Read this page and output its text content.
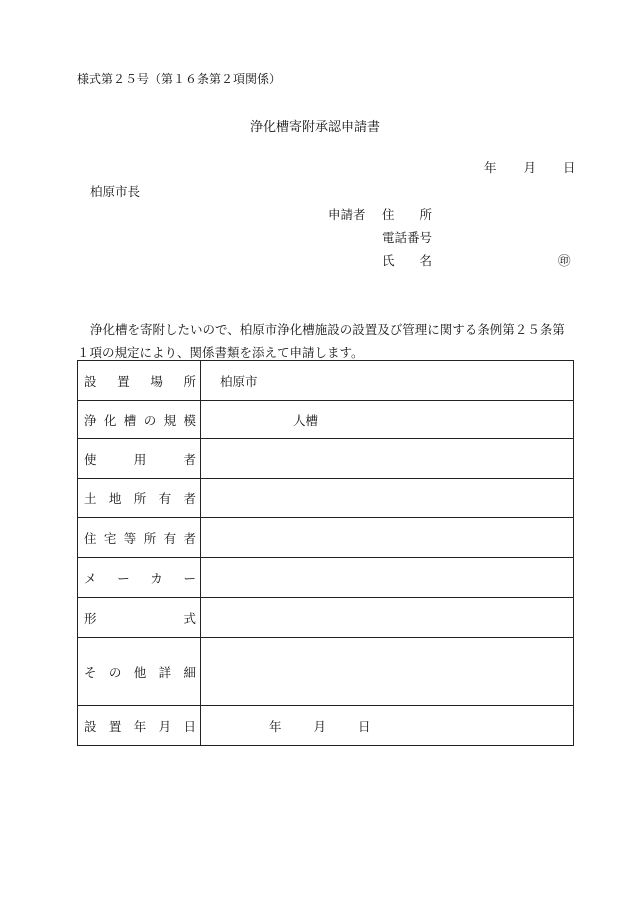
様式第２５号（第１６条第２項関係）
浄化槽寄附承認申請書
年 月 日
柏原市長
申請者 住　　所
電話番号
氏　　名	㊞
浄化槽を寄附したいので、柏原市浄化槽施設の設置及び管理に関する条例第２５条第１項の規定により、関係書類を添えて申請します。
設置場所	柏原市

浄化槽の規模	人槽

使用者	

土地所有者	

住宅等所有者	

メーカー	

形式	

その他詳細	

設置年月日	年 月 日
